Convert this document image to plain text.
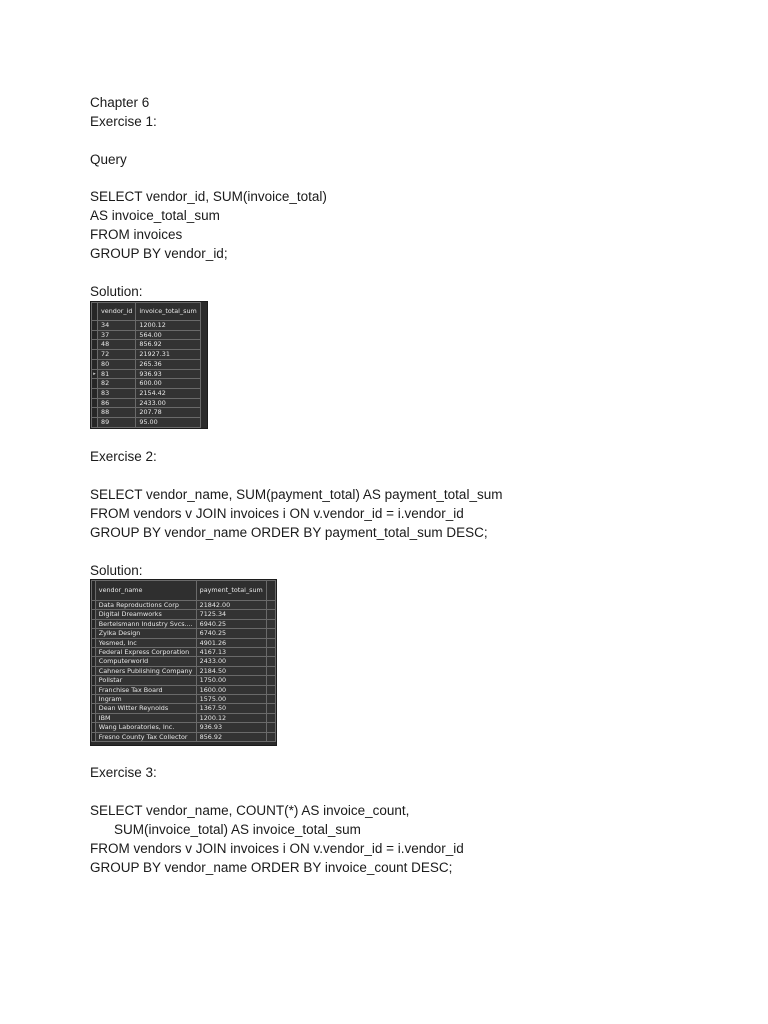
Chapter 6
Exercise 1:
Query
SELECT vendor_id, SUM(invoice_total)
AS invoice_total_sum
FROM invoices
GROUP BY vendor_id;
Solution:
	vendor_id	invoice_total_sum
	34	1200.12
	37	564.00
	48	856.92
	72	21927.31
	80	265.36
▸	81	936.93
	82	600.00
	83	2154.42
	86	2433.00
	88	207.78
	89	95.00
Exercise 2:
SELECT vendor_name, SUM(payment_total) AS payment_total_sum
FROM vendors v JOIN invoices i ON v.vendor_id = i.vendor_id
GROUP BY vendor_name ORDER BY payment_total_sum DESC;
Solution:
	vendor_name	payment_total_sum	
	Data Reproductions Corp	21842.00	
	Digital Dreamworks	7125.34	
	Bertelsmann Industry Svcs....	6940.25	
	Zylka Design	6740.25	
	Yesmed, Inc	4901.26	
	Federal Express Corporation	4167.13	
	Computerworld	2433.00	
	Cahners Publishing Company	2184.50	
	Pollstar	1750.00	
	Franchise Tax Board	1600.00	
	Ingram	1575.00	
	Dean Witter Reynolds	1367.50	
	IBM	1200.12	
	Wang Laboratories, Inc.	936.93	
	Fresno County Tax Collector	856.92	
Exercise 3:
SELECT vendor_name, COUNT(*) AS invoice_count,
SUM(invoice_total) AS invoice_total_sum
FROM vendors v JOIN invoices i ON v.vendor_id = i.vendor_id
GROUP BY vendor_name ORDER BY invoice_count DESC;
